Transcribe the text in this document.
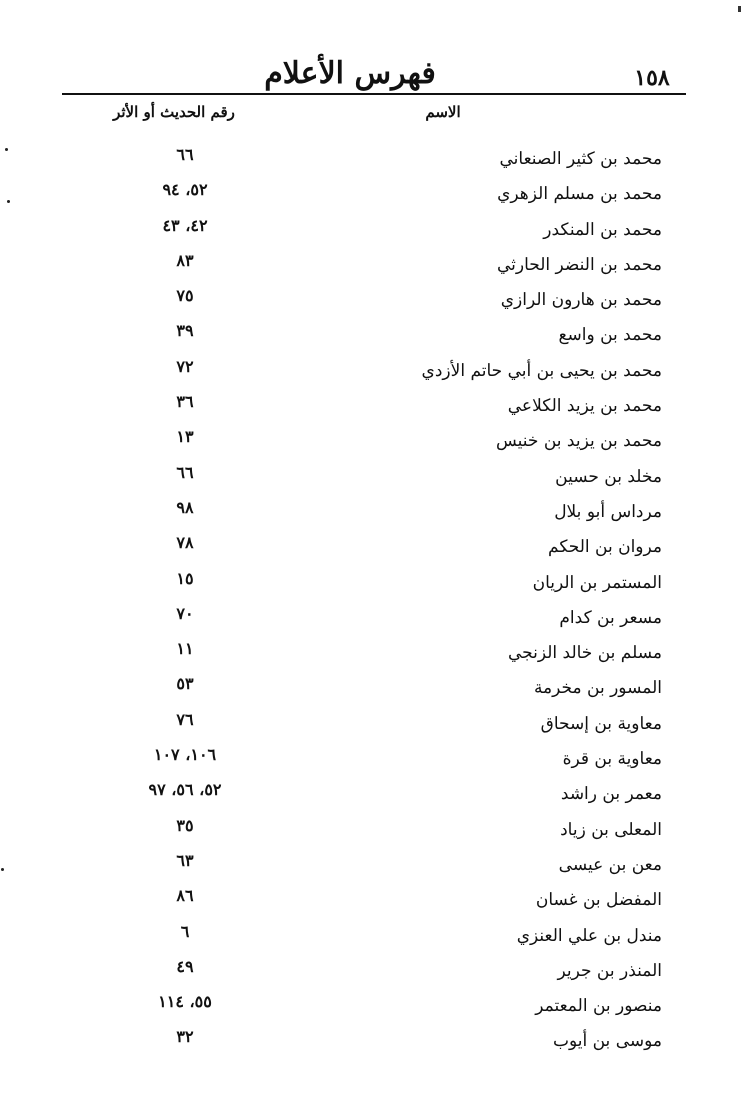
١٥٨
فهرس الأعلام
الاسم
رقم الحديث أو الأثر
محمد بن كثير الصنعاني
٦٦
محمد بن مسلم الزهري
٥٢، ٩٤
محمد بن المنكدر
٤٢، ٤٣
محمد بن النضر الحارثي
٨٣
محمد بن هارون الرازي
٧٥
محمد بن واسع
٣٩
محمد بن يحيى بن أبي حاتم الأزدي
٧٢
محمد بن يزيد الكلاعي
٣٦
محمد بن يزيد بن خنيس
١٣
مخلد بن حسين
٦٦
مرداس أبو بلال
٩٨
مروان بن الحكم
٧٨
المستمر بن الريان
١٥
مسعر بن كدام
٧٠
مسلم بن خالد الزنجي
١١
المسور بن مخرمة
٥٣
معاوية بن إسحاق
٧٦
معاوية بن قرة
١٠٦، ١٠٧
معمر بن راشد
٥٢، ٥٦، ٩٧
المعلى بن زياد
٣٥
معن بن عيسى
٦٣
المفضل بن غسان
٨٦
مندل بن علي العنزي
٦
المنذر بن جرير
٤٩
منصور بن المعتمر
٥٥، ١١٤
موسى بن أيوب
٣٢
